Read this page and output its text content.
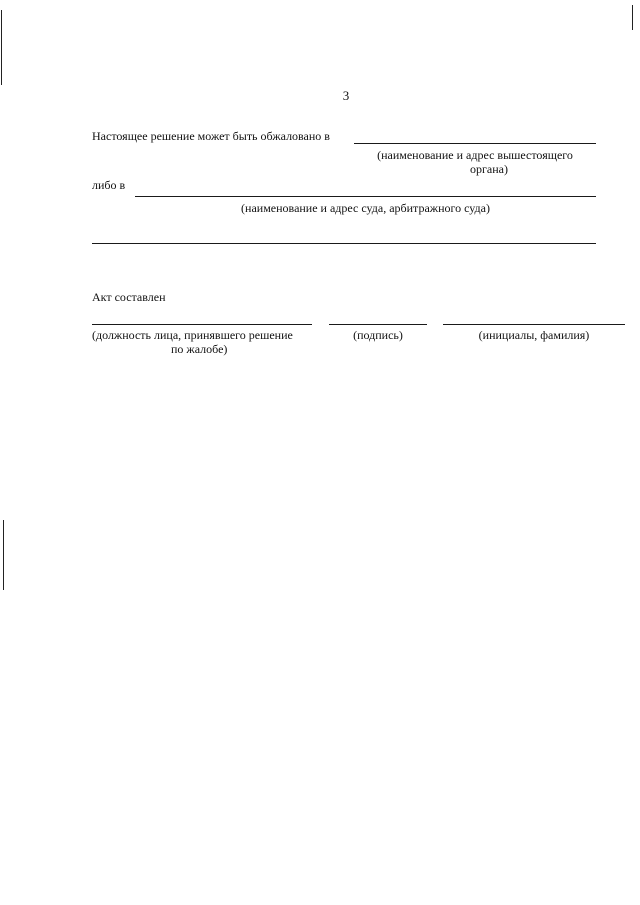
3
Настоящее решение может быть обжаловано в
(наименование и адрес вышестоящего
органа)
либо в
(наименование и адрес суда, арбитражного суда)
Акт составлен
(должность лица, принявшего решение
по жалобе)
(подпись)	(инициалы, фамилия)
